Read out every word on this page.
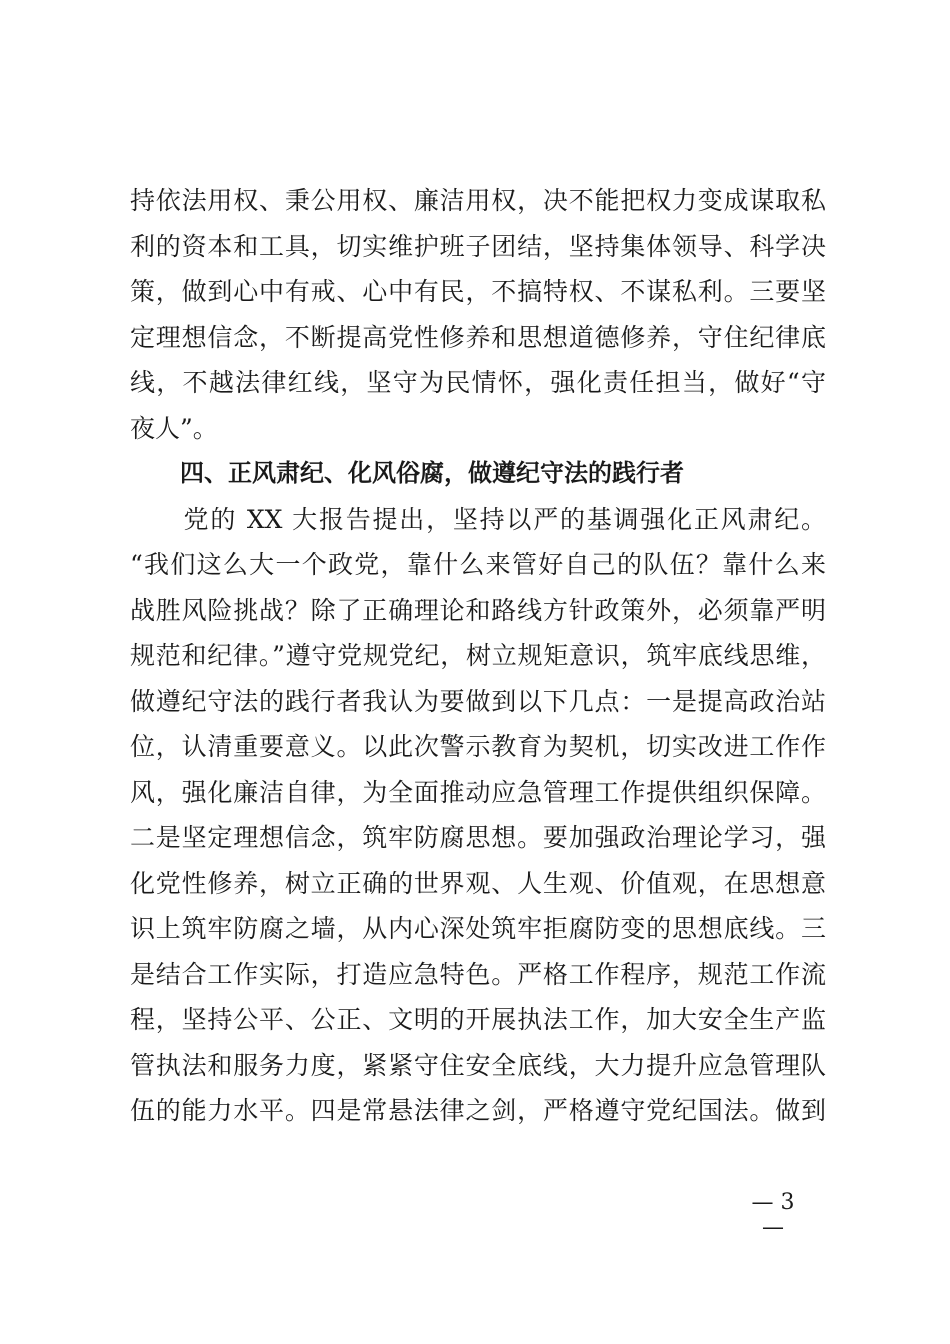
持依法用权、秉公用权、廉洁用权，决不能把权力变成谋取私
利的资本和工具，切实维护班子团结，坚持集体领导、科学决
策，做到心中有戒、心中有民，不搞特权、不谋私利。三要坚
定理想信念，不断提高党性修养和思想道德修养，守住纪律底
线，不越法律红线，坚守为民情怀，强化责任担当，做好“守
夜人”。
四、正风肃纪、化风俗腐，做遵纪守法的践行者
　　党的 XX 大报告提出，坚持以严的基调强化正风肃纪。
“我们这么大一个政党，靠什么来管好自己的队伍？靠什么来
战胜风险挑战？除了正确理论和路线方针政策外，必须靠严明
规范和纪律。”遵守党规党纪，树立规矩意识，筑牢底线思维，
做遵纪守法的践行者我认为要做到以下几点：一是提高政治站
位，认清重要意义。以此次警示教育为契机，切实改进工作作
风，强化廉洁自律，为全面推动应急管理工作提供组织保障。
二是坚定理想信念，筑牢防腐思想。要加强政治理论学习，强
化党性修养，树立正确的世界观、人生观、价值观，在思想意
识上筑牢防腐之墙，从内心深处筑牢拒腐防变的思想底线。三
是结合工作实际，打造应急特色。严格工作程序，规范工作流
程，坚持公平、公正、文明的开展执法工作，加大安全生产监
管执法和服务力度，紧紧守住安全底线，大力提升应急管理队
伍的能力水平。四是常悬法律之剑，严格遵守党纪国法。做到
— 3 —
